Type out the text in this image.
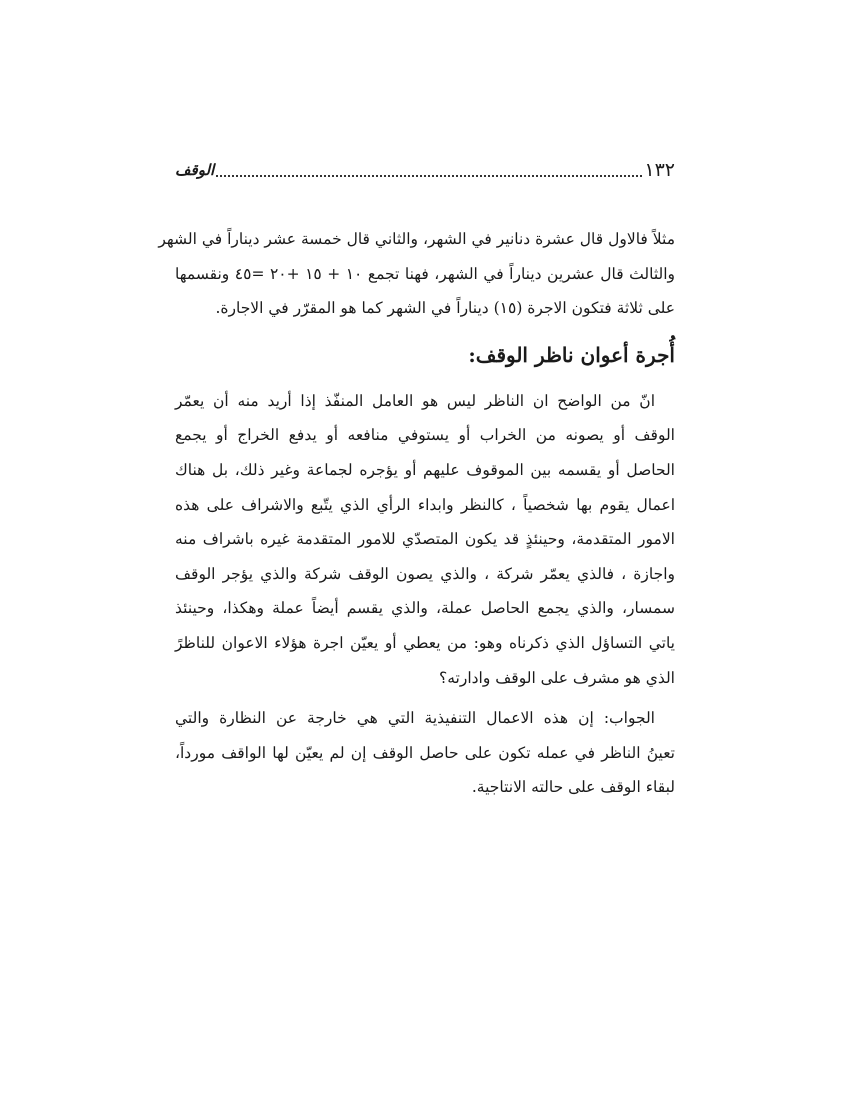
١٣٢
الوقف

مثلاً فالاول قال عشرة دنانير في الشهر، والثاني قال خمسة عشر ديناراً في الشهر
والثالث قال عشرين ديناراً في الشهر، فهنا تجمع ١٠ + ١٥ +٢٠ =٤٥ ونقسمها
على ثلاثة فتكون الاجرة (١٥) ديناراً في الشهر كما هو المقرّر في الاجارة.

أُجرة أعوان ناظر الوقف:

انّ من الواضح ان الناظر ليس هو العامل المنفّذ إذا أريد منه أن يعمّر
الوقف أو يصونه من الخراب أو يستوفي منافعه أو يدفع الخراج أو يجمع
الحاصل أو يقسمه بين الموقوف عليهم أو يؤجره لجماعة وغير ذلك، بل هناك
اعمال يقوم بها شخصياً ، كالنظر وابداء الرأي الذي يتّبع والاشراف على هذه
الامور المتقدمة، وحينئذٍ قد يكون المتصدّي للامور المتقدمة غيره باشراف منه
واجازة ، فالذي يعمّر شركة ، والذي يصون الوقف شركة والذي يؤجر الوقف
سمسار، والذي يجمع الحاصل عملة، والذي يقسم أيضاً عملة وهكذا، وحينئذ
ياتي التساؤل الذي ذكرناه وهو: من يعطي أو يعيّن اجرة هؤلاء الاعوان للناظرً
الذي هو مشرف على الوقف وادارته؟

الجواب: إن هذه الاعمال التنفيذية التي هي خارجة عن النظارة والتي
تعينُ الناظر في عمله تكون على حاصل الوقف إن لم يعيّن لها الواقف مورداً،
لبقاء الوقف على حالته الانتاجية.
